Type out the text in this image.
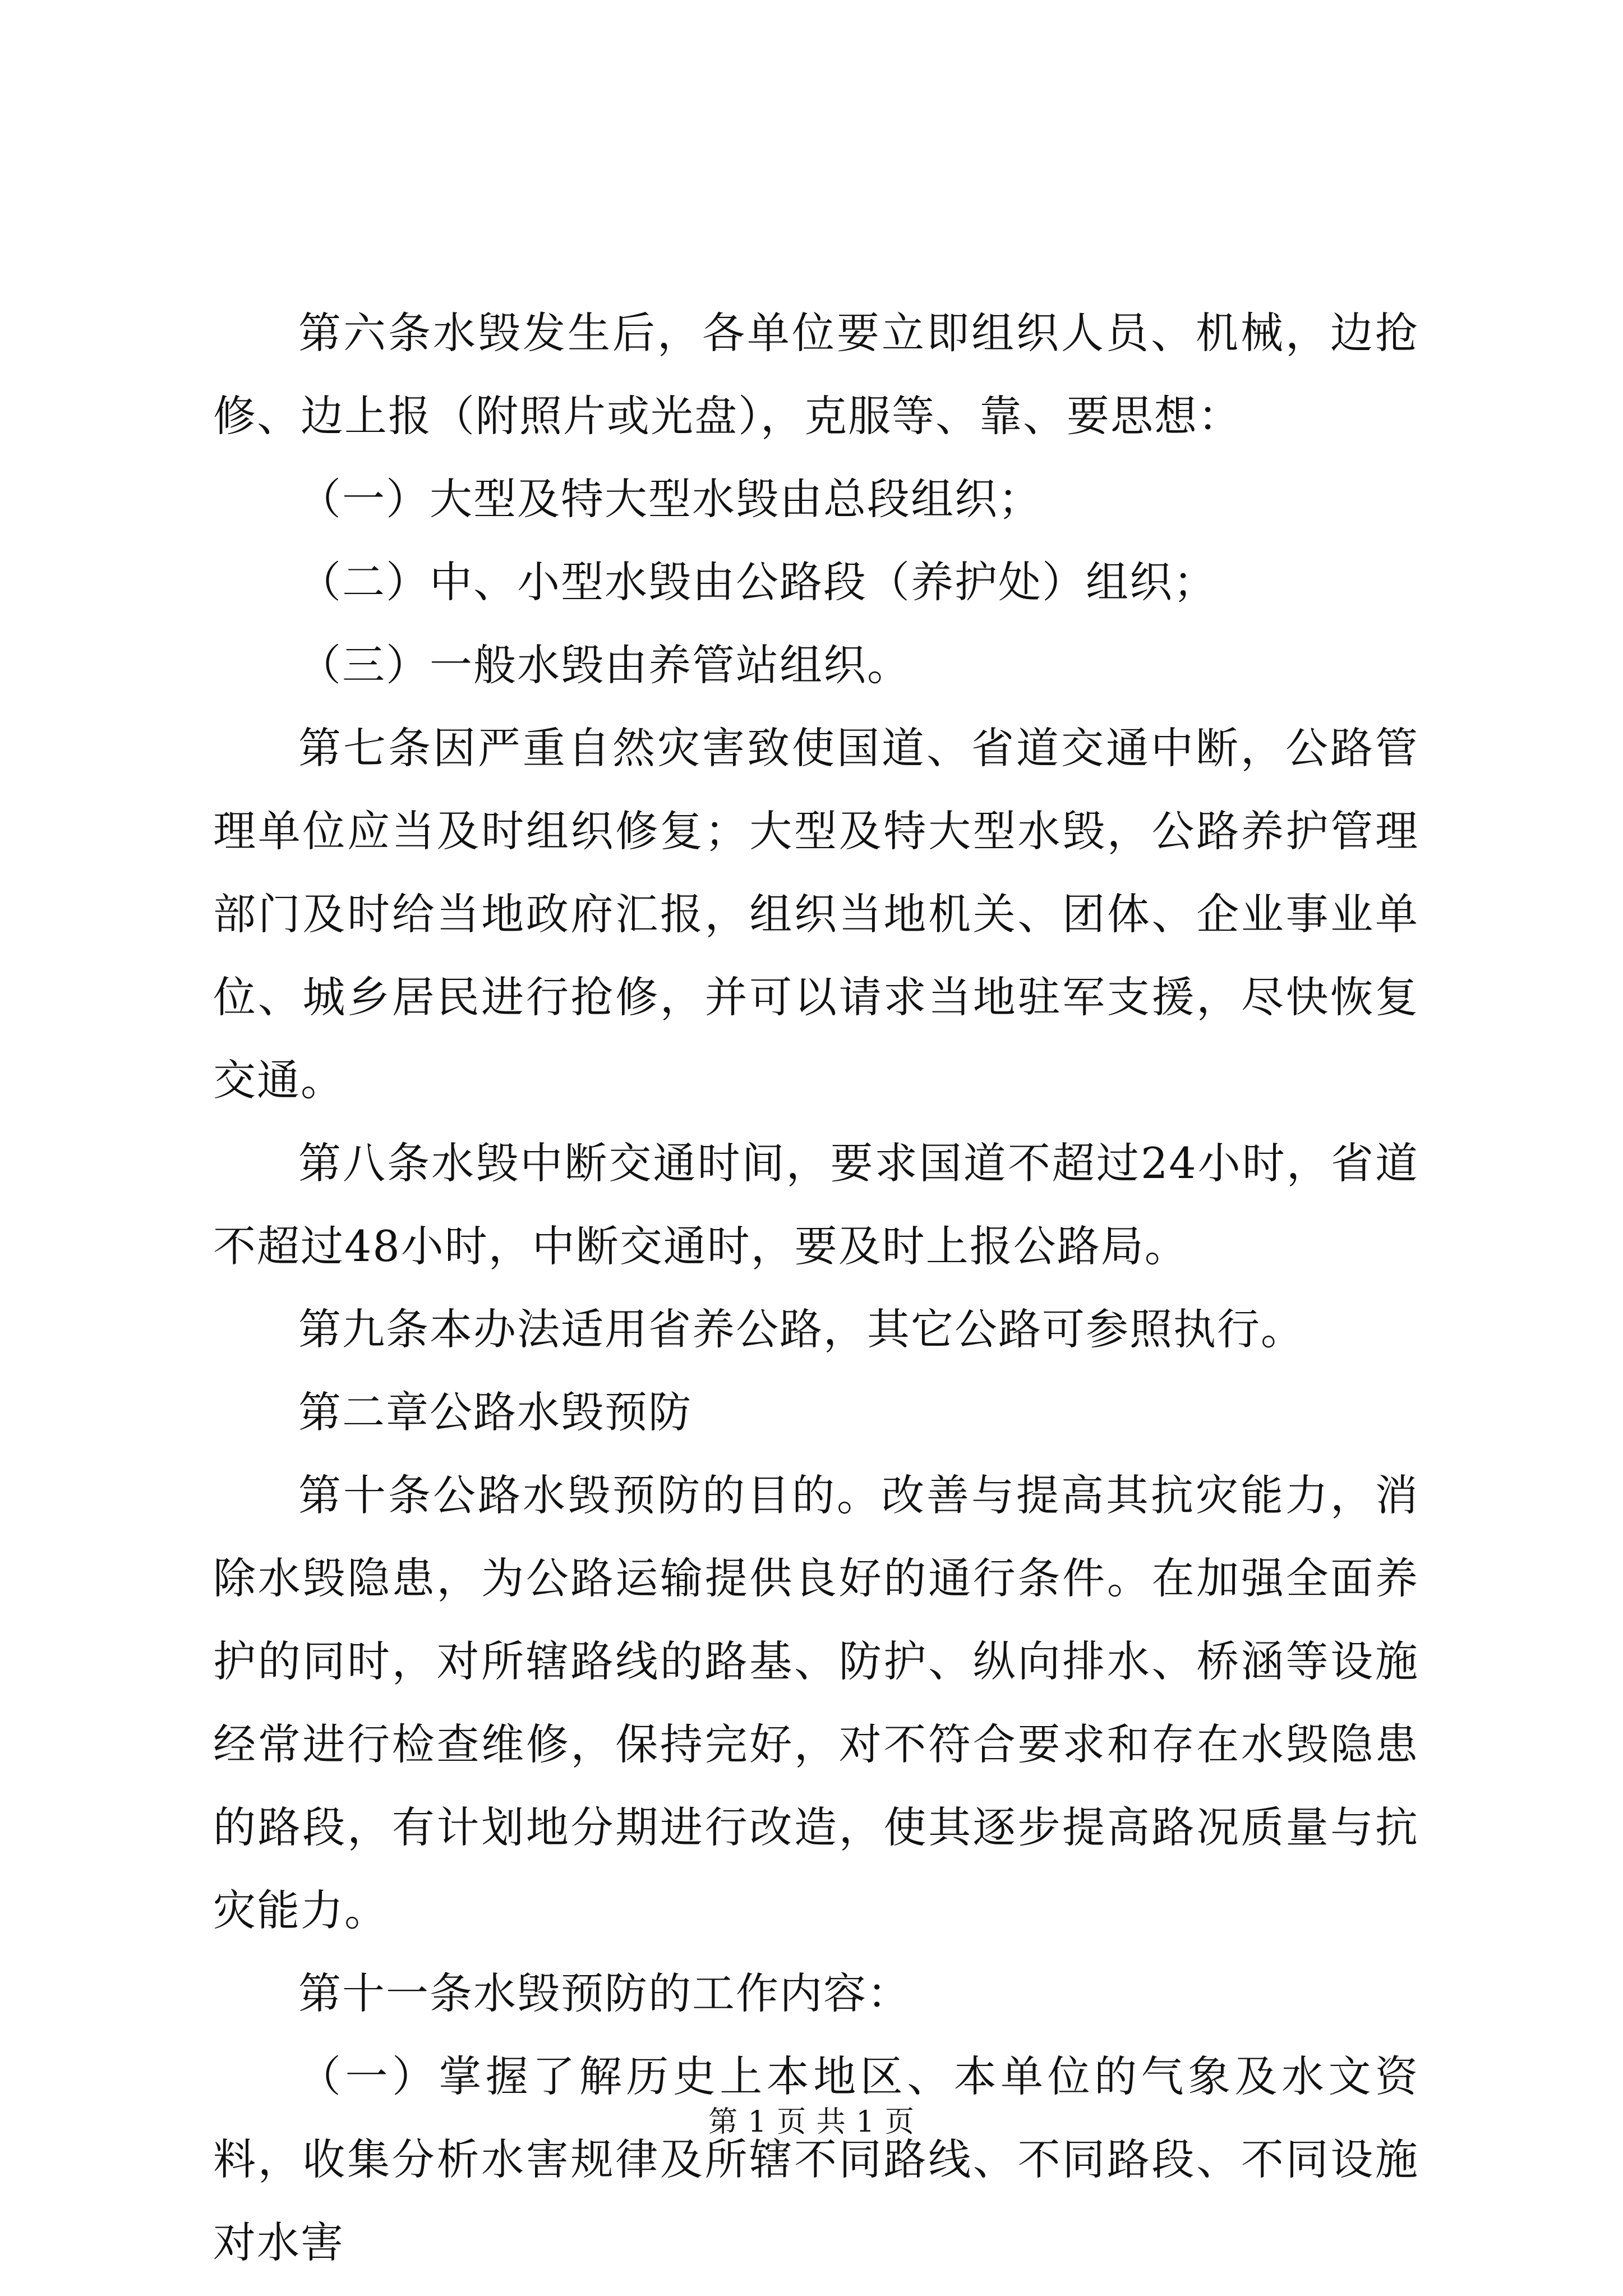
第六条水毁发生后，各单位要立即组织人员、机械，边抢修、边上报（附照片或光盘），克服等、靠、要思想：

（一）大型及特大型水毁由总段组织；

（二）中、小型水毁由公路段（养护处）组织；

（三）一般水毁由养管站组织。

第七条因严重自然灾害致使国道、省道交通中断，公路管理单位应当及时组织修复；大型及特大型水毁，公路养护管理部门及时给当地政府汇报，组织当地机关、团体、企业事业单位、城乡居民进行抢修，并可以请求当地驻军支援，尽快恢复交通。

第八条水毁中断交通时间，要求国道不超过24小时，省道不超过48小时，中断交通时，要及时上报公路局。

第九条本办法适用省养公路，其它公路可参照执行。

第二章公路水毁预防

第十条公路水毁预防的目的。改善与提高其抗灾能力，消除水毁隐患，为公路运输提供良好的通行条件。在加强全面养护的同时，对所辖路线的路基、防护、纵向排水、桥涵等设施经常进行检查维修，保持完好，对不符合要求和存在水毁隐患的路段，有计划地分期进行改造，使其逐步提高路况质量与抗灾能力。

第十一条水毁预防的工作内容：

（一）掌握了解历史上本地区、本单位的气象及水文资料，收集分析水害规律及所辖不同路线、不同路段、不同设施对水害

第 1 页 共 1 页
